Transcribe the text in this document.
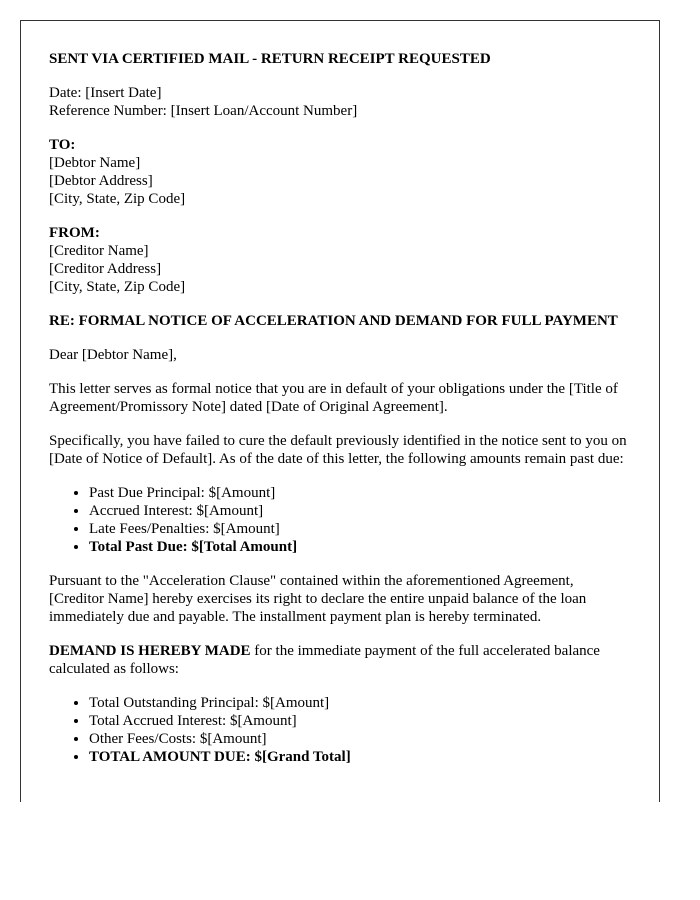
SENT VIA CERTIFIED MAIL - RETURN RECEIPT REQUESTED

Date: [Insert Date]
Reference Number: [Insert Loan/Account Number]

TO:
[Debtor Name]
[Debtor Address]
[City, State, Zip Code]

FROM:
[Creditor Name]
[Creditor Address]
[City, State, Zip Code]

RE: FORMAL NOTICE OF ACCELERATION AND DEMAND FOR FULL PAYMENT

Dear [Debtor Name],

This letter serves as formal notice that you are in default of your obligations under the [Title of Agreement/Promissory Note] dated [Date of Original Agreement].

Specifically, you have failed to cure the default previously identified in the notice sent to you on [Date of Notice of Default]. As of the date of this letter, the following amounts remain past due:

• Past Due Principal: $[Amount]
• Accrued Interest: $[Amount]
• Late Fees/Penalties: $[Amount]
• Total Past Due: $[Total Amount]

Pursuant to the "Acceleration Clause" contained within the aforementioned Agreement, [Creditor Name] hereby exercises its right to declare the entire unpaid balance of the loan immediately due and payable. The installment payment plan is hereby terminated.

DEMAND IS HEREBY MADE for the immediate payment of the full accelerated balance calculated as follows:

• Total Outstanding Principal: $[Amount]
• Total Accrued Interest: $[Amount]
• Other Fees/Costs: $[Amount]
• TOTAL AMOUNT DUE: $[Grand Total]
